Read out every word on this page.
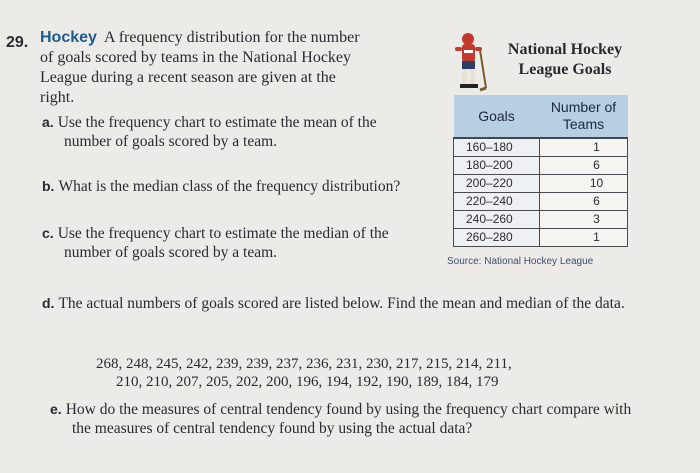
29. Hockey A frequency distribution for the number of goals scored by teams in the National Hockey League during a recent season are given at the right.
a. Use the frequency chart to estimate the mean of the number of goals scored by a team.
b. What is the median class of the frequency distribution?
c. Use the frequency chart to estimate the median of the number of goals scored by a team.
d. The actual numbers of goals scored are listed below. Find the mean and median of the data.
268, 248, 245, 242, 239, 239, 237, 236, 231, 230, 217, 215, 214, 211,
210, 210, 207, 205, 202, 200, 196, 194, 192, 190, 189, 184, 179
e. How do the measures of central tendency found by using the frequency chart compare with the measures of central tendency found by using the actual data?
National Hockey League Goals
Goals	Number of Teams
160–180	1
180–200	6
200–220	10
220–240	6
240–260	3
260–280	1
Source: National Hockey League
